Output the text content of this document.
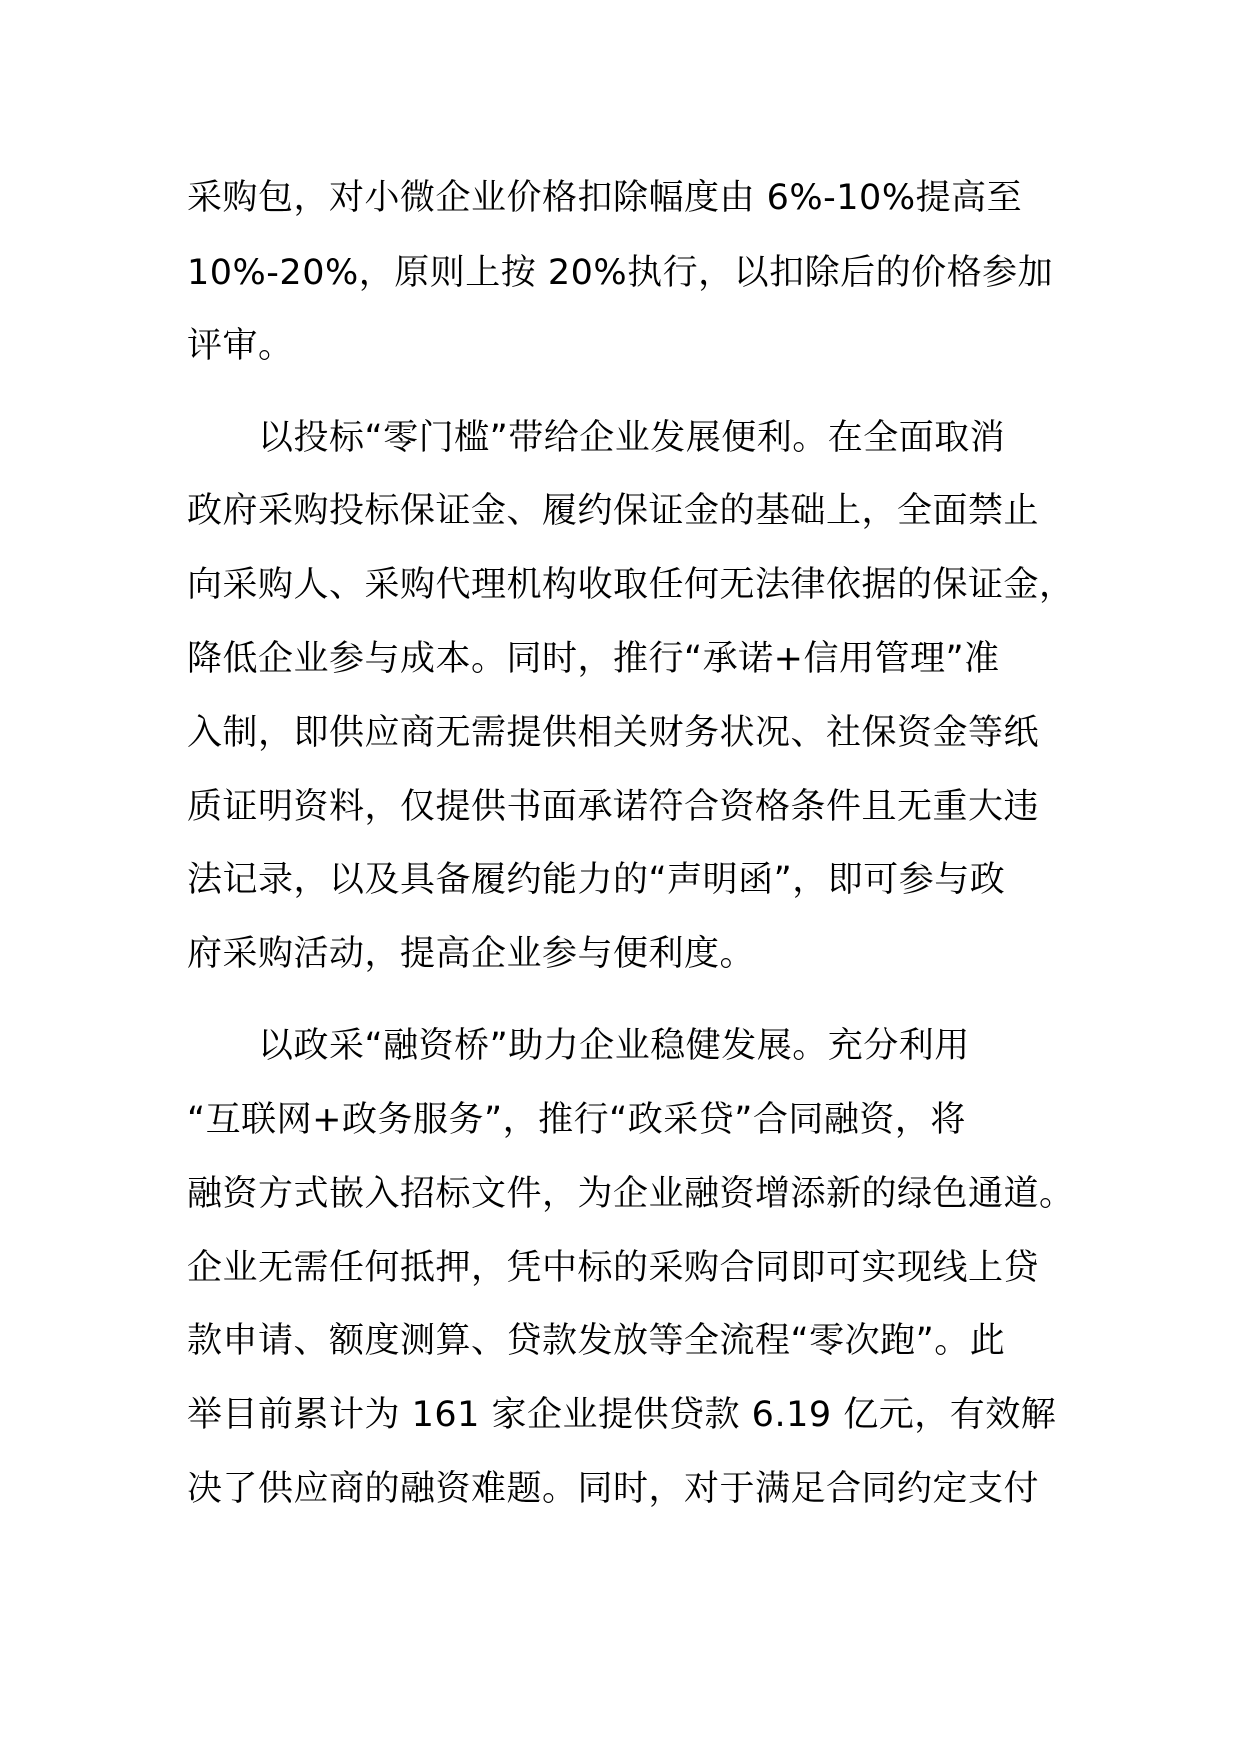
采购包，对小微企业价格扣除幅度由 6%-10%提高至
10%-20%，原则上按 20%执行，以扣除后的价格参加
评审。
以投标“零门槛”带给企业发展便利。在全面取消
政府采购投标保证金、履约保证金的基础上，全面禁止
向采购人、采购代理机构收取任何无法律依据的保证金，
降低企业参与成本。同时，推行“承诺+信用管理”准
入制，即供应商无需提供相关财务状况、社保资金等纸
质证明资料，仅提供书面承诺符合资格条件且无重大违
法记录，以及具备履约能力的“声明函”，即可参与政
府采购活动，提高企业参与便利度。
以政采“融资桥”助力企业稳健发展。充分利用
“互联网+政务服务”，推行“政采贷”合同融资，将
融资方式嵌入招标文件，为企业融资增添新的绿色通道。
企业无需任何抵押，凭中标的采购合同即可实现线上贷
款申请、额度测算、贷款发放等全流程“零次跑”。此
举目前累计为 161 家企业提供贷款 6.19 亿元，有效解
决了供应商的融资难题。同时，对于满足合同约定支付
